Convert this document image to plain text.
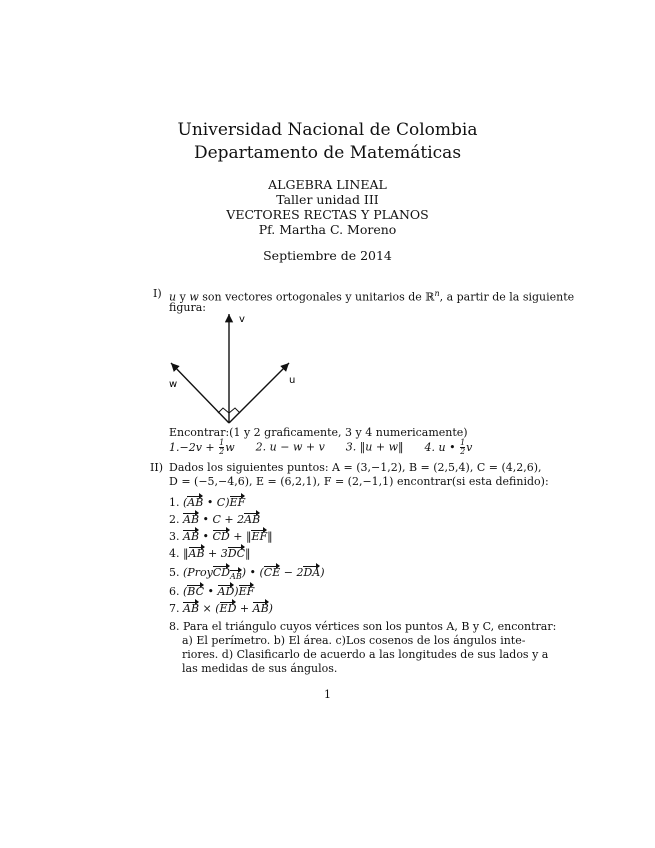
Universidad Nacional de Colombia
Departamento de Matemáticas
ALGEBRA LINEAL
Taller unidad III
VECTORES RECTAS Y PLANOS
Pf. Martha C. Moreno
Septiembre de 2014
I) u y w son vectores ortogonales y unitarios de ℝ$^n$, a partir de la siguiente
figura:
v
u
w
Encontrar:(1 y 2 graficamente, 3 y 4 numericamente)
$1.-2v + \frac{1}{2}$ w 2. u − w + v 3. ‖u + w‖ 4. u • $\frac{1}{2}$ v
II) Dados los siguientes puntos: A = (3,−1,2), B = (2,5,4), C = (4,2,6),
D = (−5,−4,6), E = (6,2,1), F = (2,−1,1) encontrar(si esta definido):
1. (AB • C)EF
2. AB • C + 2AB
3. AB • CD + ‖EF‖
4. ‖AB + 3DC‖
5. (ProyCD$_{AB}$) • (CE − 2DA)
6. (BC • AD)EF
7. AB × (ED + AB)
8. Para el triángulo cuyos vértices son los puntos A, B y C, encontrar:
a) El perímetro. b) El área. c)Los cosenos de los ángulos inte-
riores. d) Clasificarlo de acuerdo a las longitudes de sus lados y a
las medidas de sus ángulos.
1
